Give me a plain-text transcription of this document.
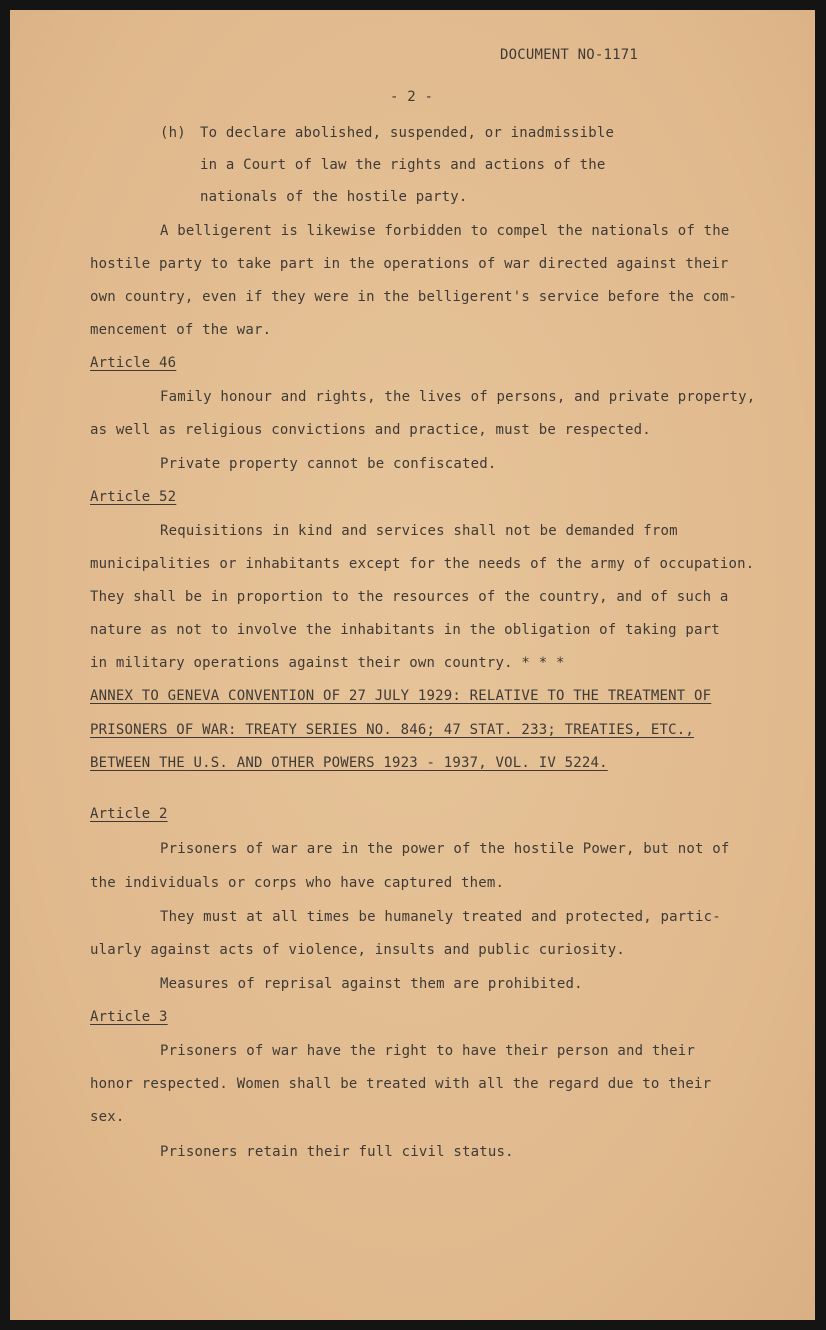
DOCUMENT NO-1171

- 2 -

(h) To declare abolished, suspended, or inadmissible

in a Court of law the rights and actions of the

nationals of the hostile party.

A belligerent is likewise forbidden to compel the nationals of the

hostile party to take part in the operations of war directed against their

own country, even if they were in the belligerent's service before the com-

mencement of the war.

Article 46

Family honour and rights, the lives of persons, and private property,

as well as religious convictions and practice, must be respected.

Private property cannot be confiscated.

Article 52

Requisitions in kind and services shall not be demanded from

municipalities or inhabitants except for the needs of the army of occupation.

They shall be in proportion to the resources of the country, and of such a

nature as not to involve the inhabitants in the obligation of taking part

in military operations against their own country. * * *

ANNEX TO GENEVA CONVENTION OF 27 JULY 1929: RELATIVE TO THE TREATMENT OF

PRISONERS OF WAR: TREATY SERIES NO. 846; 47 STAT. 233; TREATIES, ETC.,

BETWEEN THE U.S. AND OTHER POWERS 1923 - 1937, VOL. IV 5224.

Article 2

Prisoners of war are in the power of the hostile Power, but not of

the individuals or corps who have captured them.

They must at all times be humanely treated and protected, partic-

ularly against acts of violence, insults and public curiosity.

Measures of reprisal against them are prohibited.

Article 3

Prisoners of war have the right to have their person and their

honor respected. Women shall be treated with all the regard due to their

sex.

Prisoners retain their full civil status.
